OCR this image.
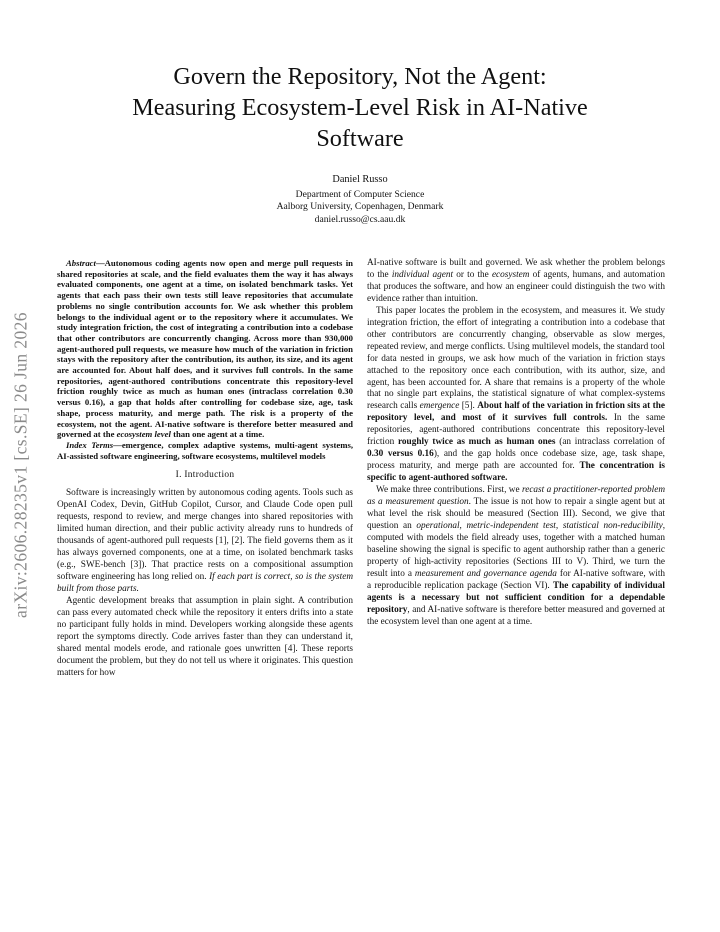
arXiv:2606.28235v1 [cs.SE] 26 Jun 2026
Govern the Repository, Not the Agent:
Measuring Ecosystem-Level Risk in AI-Native
Software
Daniel Russo
Department of Computer Science
Aalborg University, Copenhagen, Denmark
daniel.russo@cs.aau.dk

Abstract—Autonomous coding agents now open and merge pull requests in shared repositories at scale, and the field evaluates them the way it has always evaluated components, one agent at a time, on isolated benchmark tasks. Yet agents that each pass their own tests still leave repositories that accumulate problems no single contribution accounts for. We ask whether this problem belongs to the individual agent or to the repository where it accumulates. We study integration friction, the cost of integrating a contribution into a codebase that other contributors are concurrently changing. Across more than 930,000 agent-authored pull requests, we measure how much of the variation in friction stays with the repository after the contribution, its author, its size, and its agent are accounted for. About half does, and it survives full controls. In the same repositories, agent-authored contributions concentrate this repository-level friction roughly twice as much as human ones (intraclass correlation 0.30 versus 0.16), a gap that holds after controlling for codebase size, age, task shape, process maturity, and merge path. The risk is a property of the ecosystem, not the agent. AI-native software is therefore better measured and governed at the ecosystem level than one agent at a time.

Index Terms—emergence, complex adaptive systems, multi-agent systems, AI-assisted software engineering, software ecosystems, multilevel models

I. Introduction

Software is increasingly written by autonomous coding agents. Tools such as OpenAI Codex, Devin, GitHub Copilot, Cursor, and Claude Code open pull requests, respond to review, and merge changes into shared repositories with limited human direction, and their public activity already runs to hundreds of thousands of agent-authored pull requests [1], [2]. The field governs them as it has always governed components, one at a time, on isolated benchmark tasks (e.g., SWE-bench [3]). That practice rests on a compositional assumption software engineering has long relied on. If each part is correct, so is the system built from those parts.

Agentic development breaks that assumption in plain sight. A contribution can pass every automated check while the repository it enters drifts into a state no participant fully holds in mind. Developers working alongside these agents report the symptoms directly. Code arrives faster than they can understand it, shared mental models erode, and rationale goes unwritten [4]. These reports document the problem, but they do not tell us where it originates. This question matters for how

AI-native software is built and governed. We ask whether the problem belongs to the individual agent or to the ecosystem of agents, humans, and automation that produces the software, and how an engineer could distinguish the two with evidence rather than intuition.

This paper locates the problem in the ecosystem, and measures it. We study integration friction, the effort of integrating a contribution into a codebase that other contributors are concurrently changing, observable as slow merges, repeated review, and merge conflicts. Using multilevel models, the standard tool for data nested in groups, we ask how much of the variation in friction stays attached to the repository once each contribution, with its author, size, and agent, has been accounted for. A share that remains is a property of the whole that no single part explains, the statistical signature of what complex-systems research calls emergence [5]. About half of the variation in friction sits at the repository level, and most of it survives full controls. In the same repositories, agent-authored contributions concentrate this repository-level friction roughly twice as much as human ones (an intraclass correlation of 0.30 versus 0.16), and the gap holds once codebase size, age, task shape, process maturity, and merge path are accounted for. The concentration is specific to agent-authored software.

We make three contributions. First, we recast a practitioner-reported problem as a measurement question. The issue is not how to repair a single agent but at what level the risk should be measured (Section III). Second, we give that question an operational, metric-independent test, statistical non-reducibility, computed with models the field already uses, together with a matched human baseline showing the signal is specific to agent authorship rather than a generic property of high-activity repositories (Sections III to V). Third, we turn the result into a measurement and governance agenda for AI-native software, with a reproducible replication package (Section VI). The capability of individual agents is a necessary but not sufficient condition for a dependable repository, and AI-native software is therefore better measured and governed at the ecosystem level than one agent at a time.
